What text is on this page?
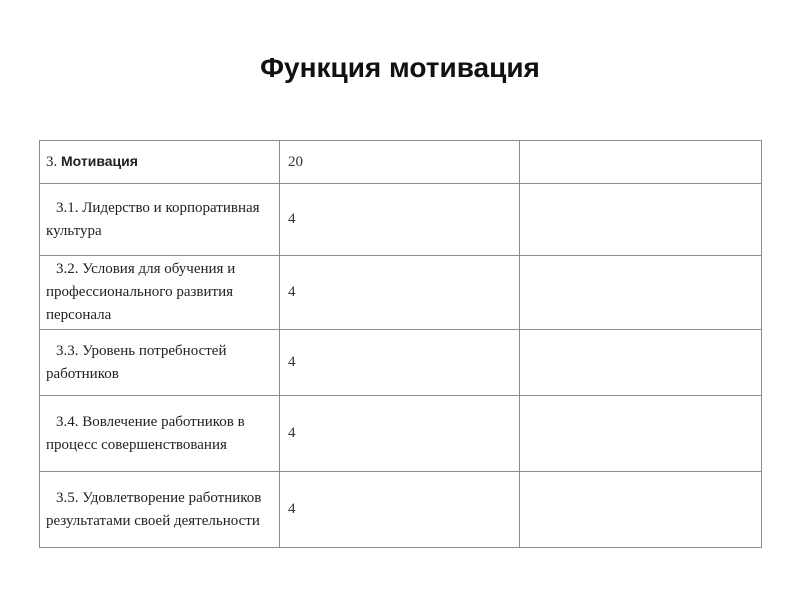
Функция мотивация
3. Мотивация	20	

3.1. Лидерство и корпоративная культура	4	

3.2. Условия для обучения и профессионального развития персонала	4	

3.3. Уровень потребностей работников	4	

3.4. Вовлечение работников в процесс совершенствования	4	

3.5. Удовлетворение работников результатами своей деятельности	4	
